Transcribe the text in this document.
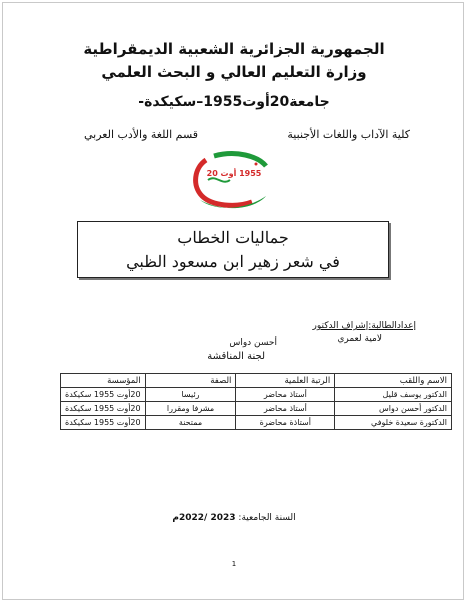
الجمهورية الجزائرية الشعبية الديمقراطية
وزارة التعليم العالي و البحث العلمي
جامعة20أوت1955–سكيكدة-
كلية الآداب واللغات الأجنبية
قسم اللغة والأدب العربي
1955 أوت 20
جماليات الخطاب
في شعر زهير ابن مسعود الظبي
إعدادالطالبة:إشراف الدكتور
لامية لعمري
أحسن دواس
لجنة المناقشة
الاسم واللقب	الرتبة العلمية	الصفة	المؤسسة
الدكتور يوسف قليل	أستاذ محاضر	رئيسا	20أوت 1955 سكيكدة
الدكتور أحسن دواس	أستاذ محاضر	مشرفا ومقررا	20أوت 1955 سكيكدة
الدكتورة سعيدة خلوفي	أستاذة محاضرة	ممتحنة	20أوت 1955 سكيكدة
السنة الجامعية: 2023 /2022م
1
